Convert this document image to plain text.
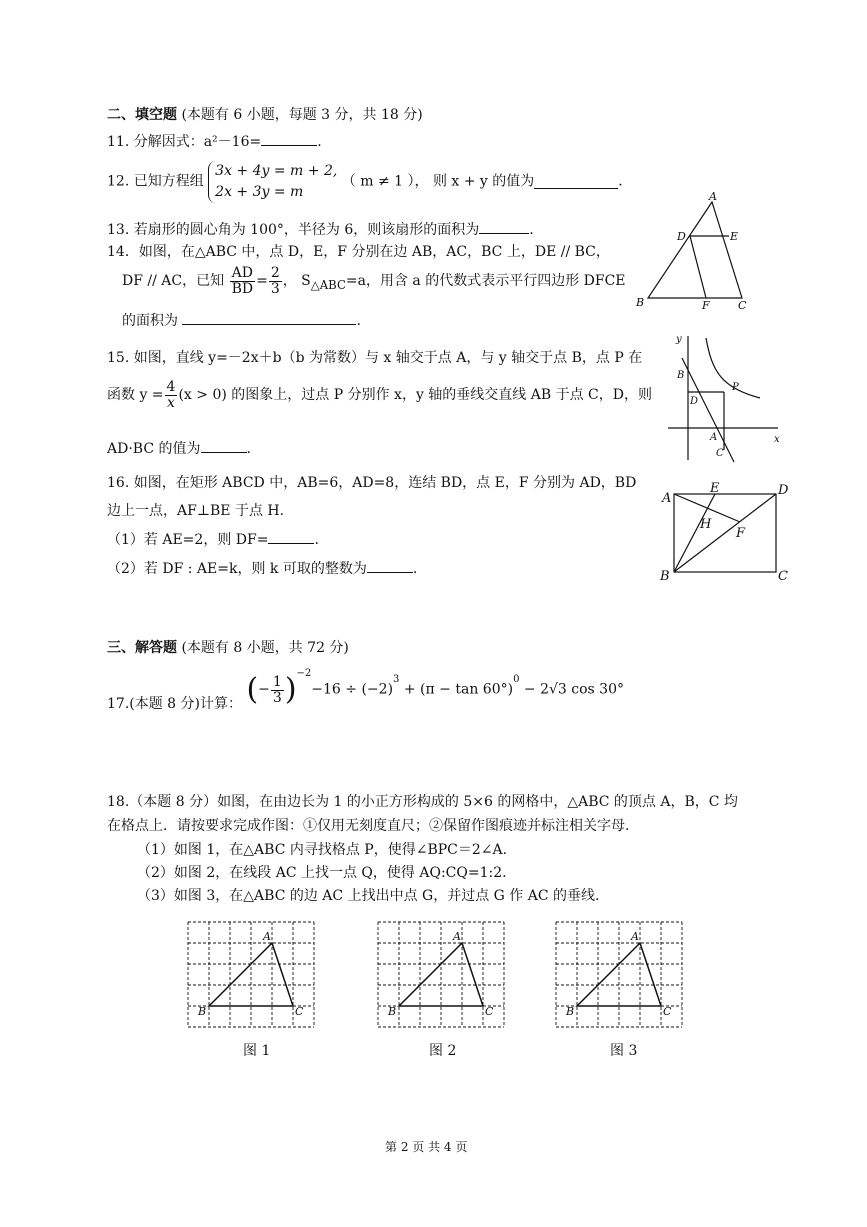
二、填空题 (本题有 6 小题，每题 3 分，共 18 分)
11. 分解因式：a²－16=	.
12. 已知方程组
3x + 4y = m + 2,
2x + 3y = m
（ m ≠ 1 ）， 则 x + y 的值为	.
13. 若扇形的圆心角为 100°，半径为 6，则该扇形的面积为	.
14．如图，在△ABC 中，点 D，E，F 分别在边 AB，AC，BC 上，DE // BC，
DF // AC，已知 $\frac{AD}{BD} = \frac{2}{3}$ ， $S_{\triangle ABC}=a$，用含 a 的代数式表示平行四边形 DFCE
的面积为	.
A
D	E
B	F	C
15. 如图，直线 y=－2x＋b（b 为常数）与 x 轴交于点 A，与 y 轴交于点 B，点 P 在
函数 $y = \frac{4}{x} (x > 0)$ 的图象上，过点 P 分别作 x，y 轴的垂线交直线 AB 于点 C，D，则
AD·BC 的值为	.
y
B
P
D
A
C
x
16. 如图，在矩形 ABCD 中，AB=6，AD=8，连结 BD，点 E，F 分别为 AD，BD
边上一点，AF⊥BE 于点 H.
（1）若 AE=2，则 DF=	.
（2）若 DF : AE=k，则 k 可取的整数为	.
A
E	D
H
F
B	C
三、解答题 (本题有 8 小题，共 72 分)
17.(本题 8 分)计算： (− $\frac{1}{3} )^{-2}-16 \div (-2)^3 + (\pi - \tan 60^\circ)^0 - 2√3$ cos 30°
18.（本题 8 分）如图，在由边长为 1 的小正方形构成的 5×6 的网格中，△ABC 的顶点 A，B，C 均
在格点上．请按要求完成作图：①仅用无刻度直尺；②保留作图痕迹并标注相关字母.
（1）如图 1，在△ABC 内寻找格点 P，使得∠BPC＝2∠A.
（2）如图 2，在线段 AC 上找一点 Q，使得 AQ:CQ=1:2.
（3）如图 3，在△ABC 的边 AC 上找出中点 G，并过点 G 作 AC 的垂线.
A
B	C
A
B	C
A
B	C
图 1	图 2	图 3
第 2 页 共 4 页
